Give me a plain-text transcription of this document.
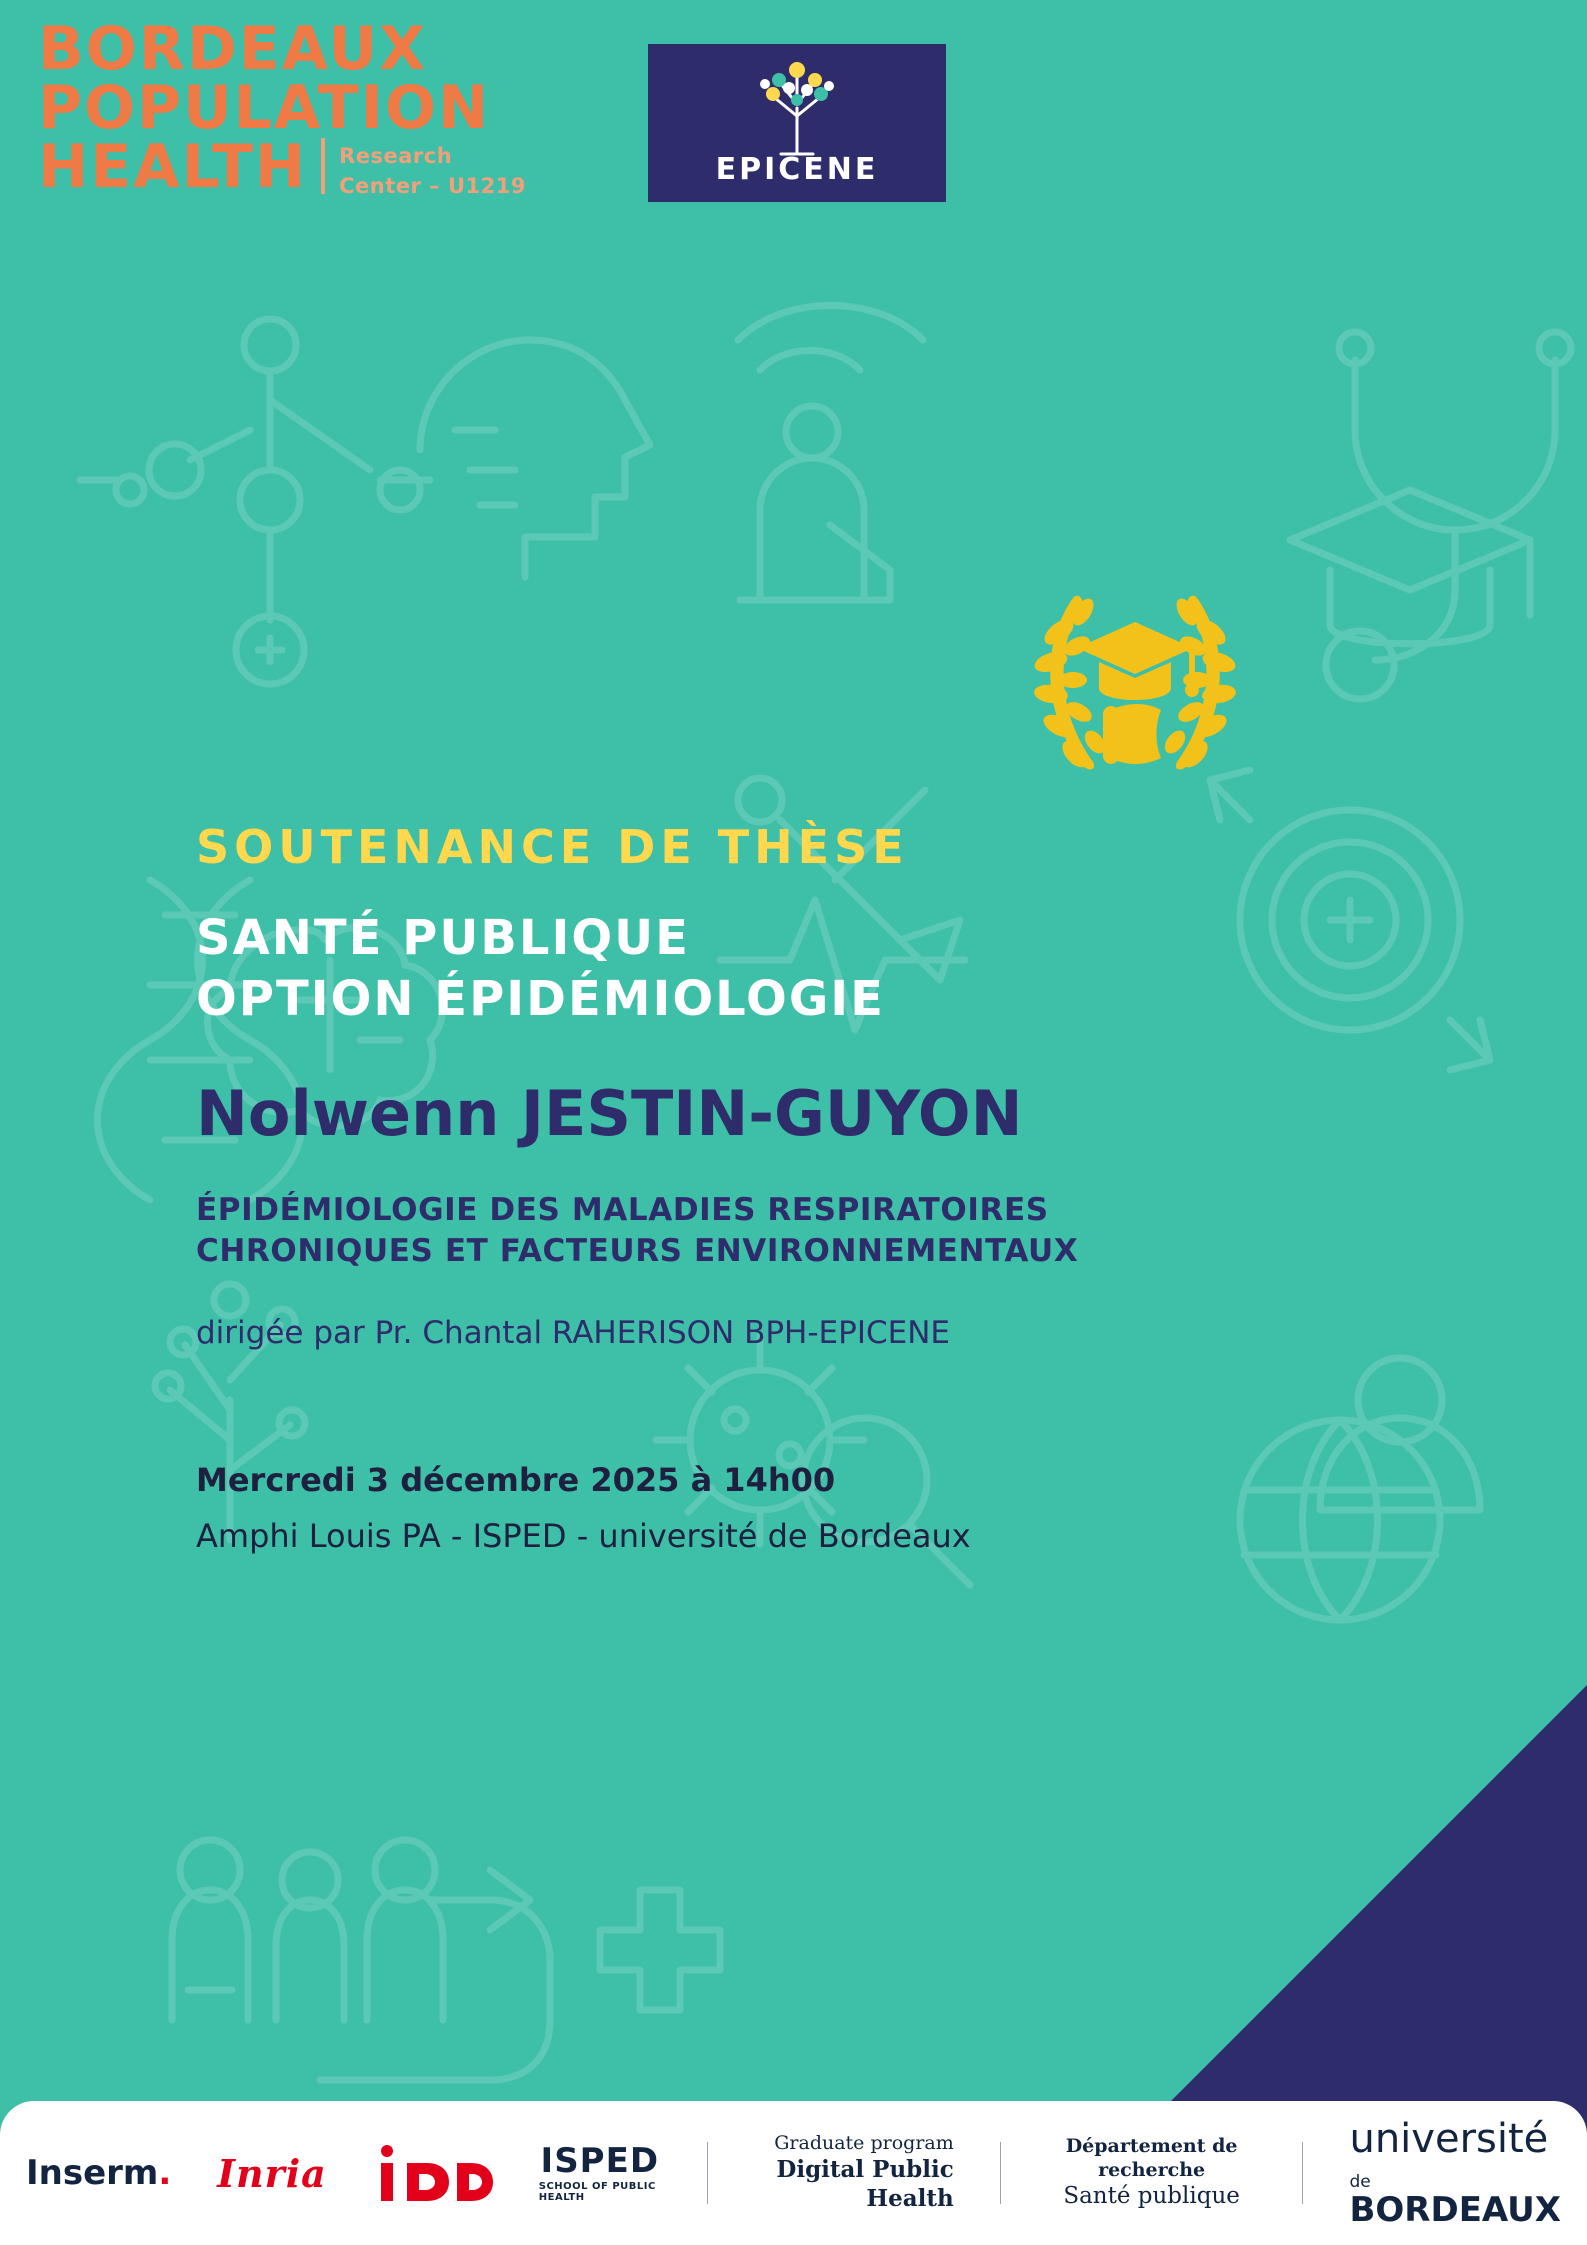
BORDEAUX
POPULATION
HEALTH Research
Center – U1219	EPICENE
SOUTENANCE DE THÈSE
SANTÉ PUBLIQUE
OPTION ÉPIDÉMIOLOGIE
Nolwenn JESTIN-GUYON
ÉPIDÉMIOLOGIE DES MALADIES RESPIRATOIRES
CHRONIQUES ET FACTEURS ENVIRONNEMENTAUX
dirigée par Pr. Chantal RAHERISON BPH-EPICENE
Mercredi 3 décembre 2025 à 14h00
Amphi Louis PA - ISPED - université de Bordeaux
Inserm. Inria	ISPED
SCHOOL OF PUBLIC HEALTH
Graduate program
Digital Public Health
Département de recherche
Santé publique
université
de BORDEAUX
